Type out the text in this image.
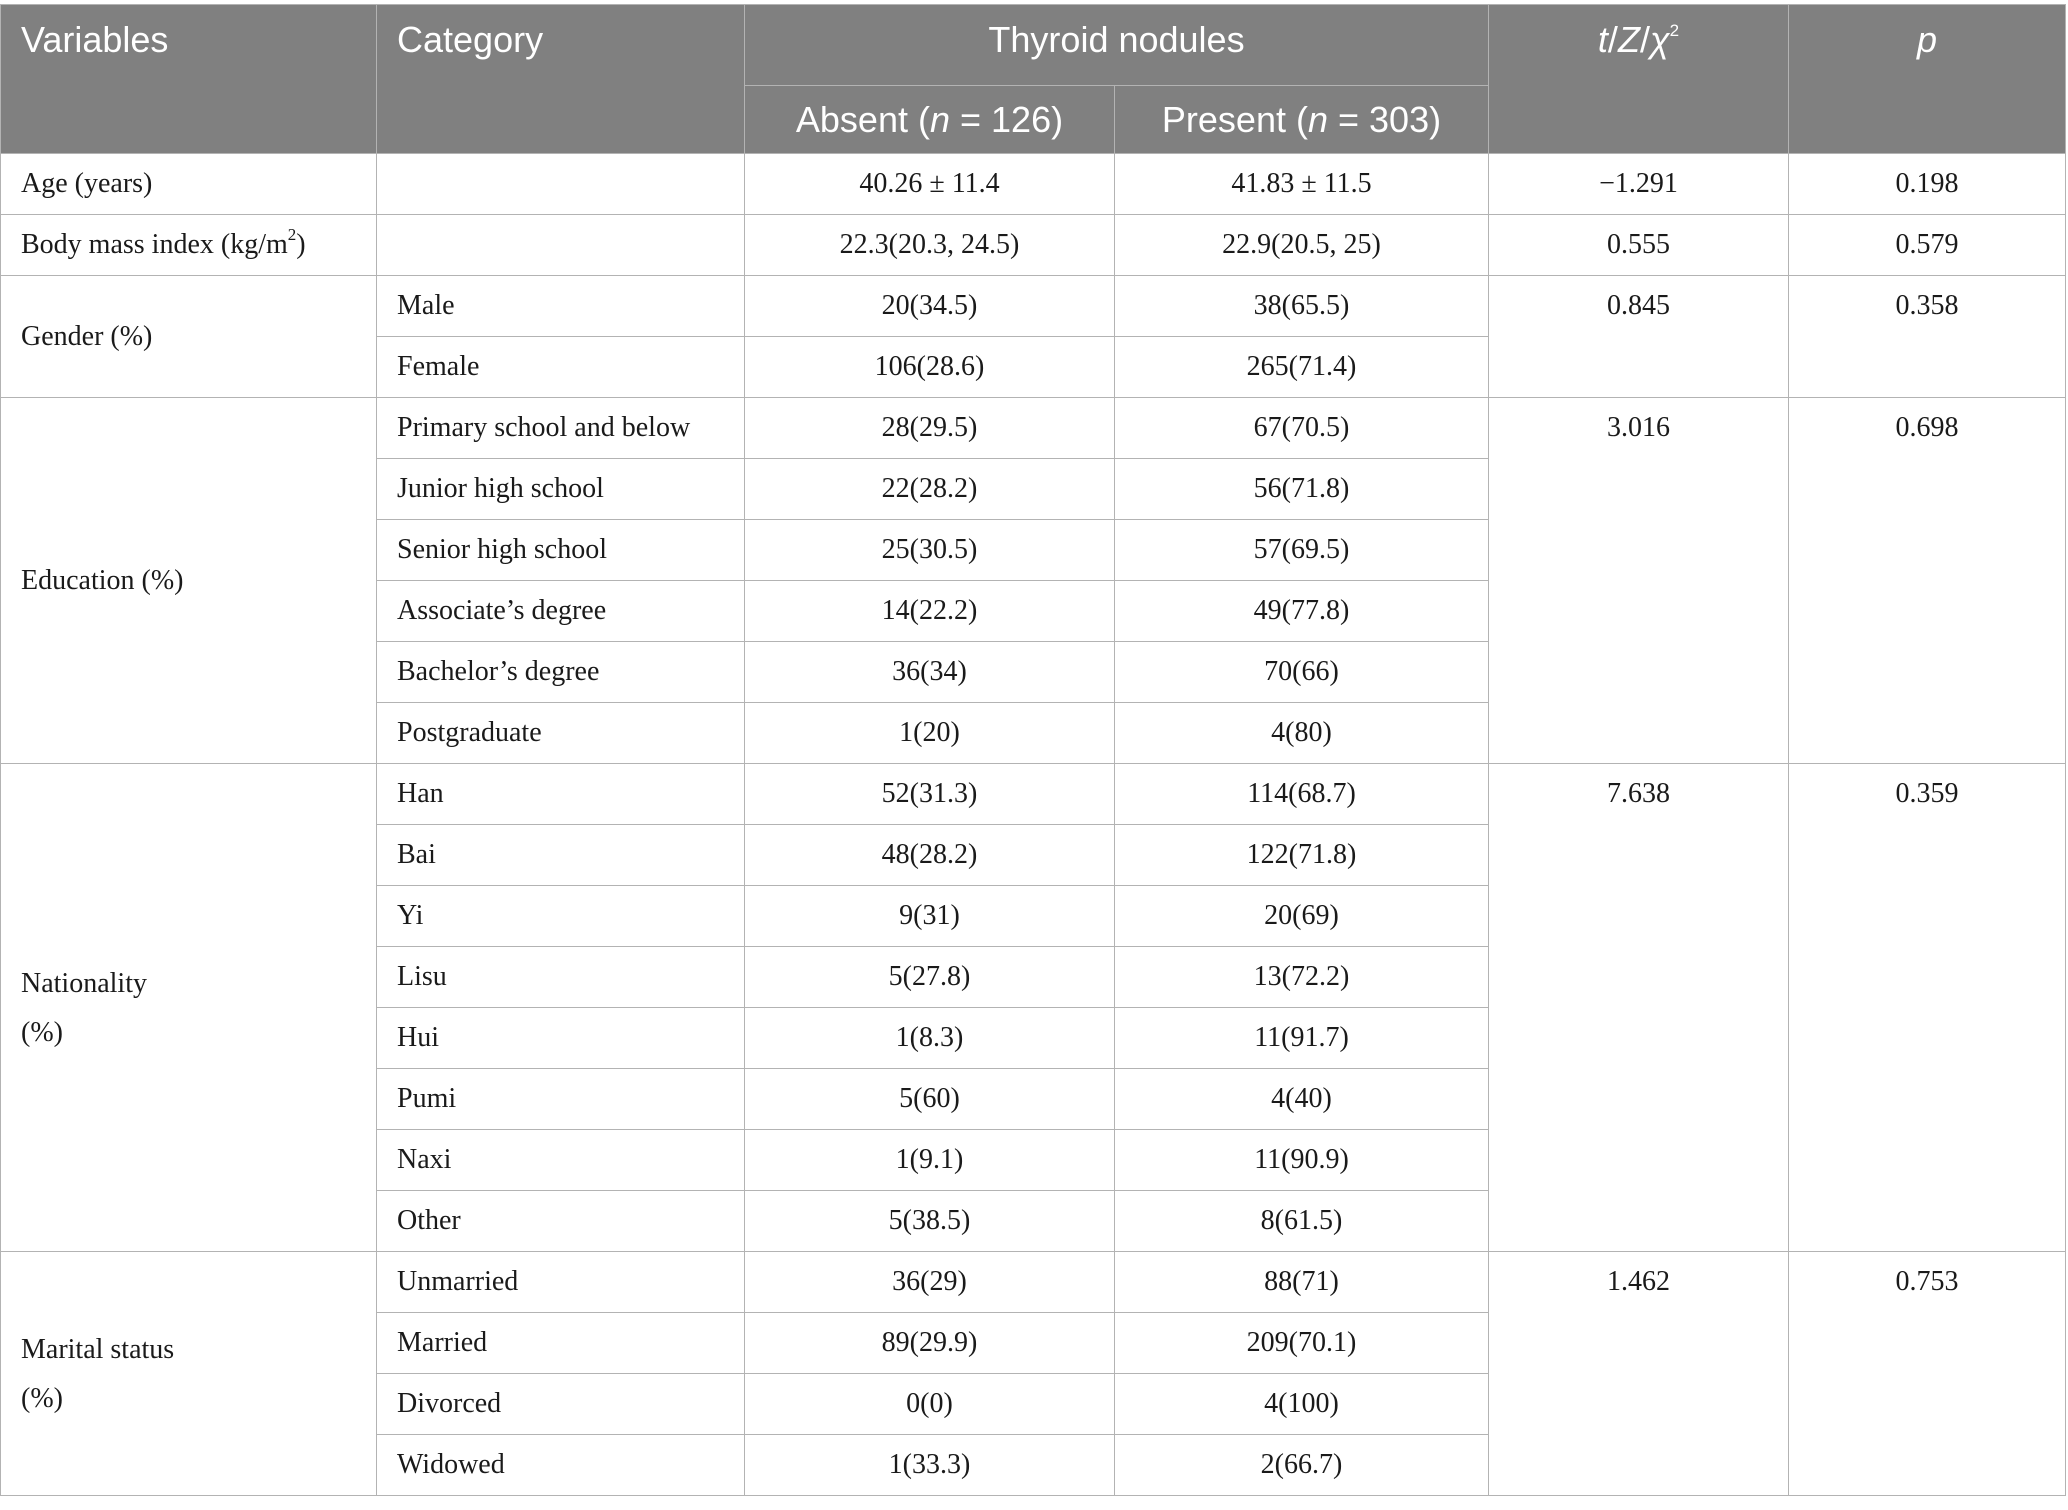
Variables	Category	Thyroid nodules		$t/Z/\chi^2$	p
		Absent (n = 126)	Present (n = 303)		
Age (years)		40.26 ± 11.4	41.83 ± 11.5	−1.291	0.198
Body mass index $(kg/m^2)$		22.3(20.3, 24.5)	22.9(20.5, 25)	0.555	0.579
Gender (%)	Male	20(34.5)	38(65.5)	0.845	0.358
	Female	106(28.6)	265(71.4)		
Education (%)	Primary school and below	28(29.5)	67(70.5)	3.016	0.698
	Junior high school	22(28.2)	56(71.8)		
	Senior high school	25(30.5)	57(69.5)		
	Associate’s degree	14(22.2)	49(77.8)		
	Bachelor’s degree	36(34)	70(66)		
	Postgraduate	1(20)	4(80)		
Nationality
(%)	Han	52(31.3)	114(68.7)	7.638	0.359
	Bai	48(28.2)	122(71.8)		
	Yi	9(31)	20(69)		
	Lisu	5(27.8)	13(72.2)		
	Hui	1(8.3)	11(91.7)		
	Pumi	5(60)	4(40)		
	Naxi	1(9.1)	11(90.9)		
	Other	5(38.5)	8(61.5)		
Marital status
(%)	Unmarried	36(29)	88(71)	1.462	0.753
	Married	89(29.9)	209(70.1)		
	Divorced	0(0)	4(100)		
	Widowed	1(33.3)	2(66.7)		
